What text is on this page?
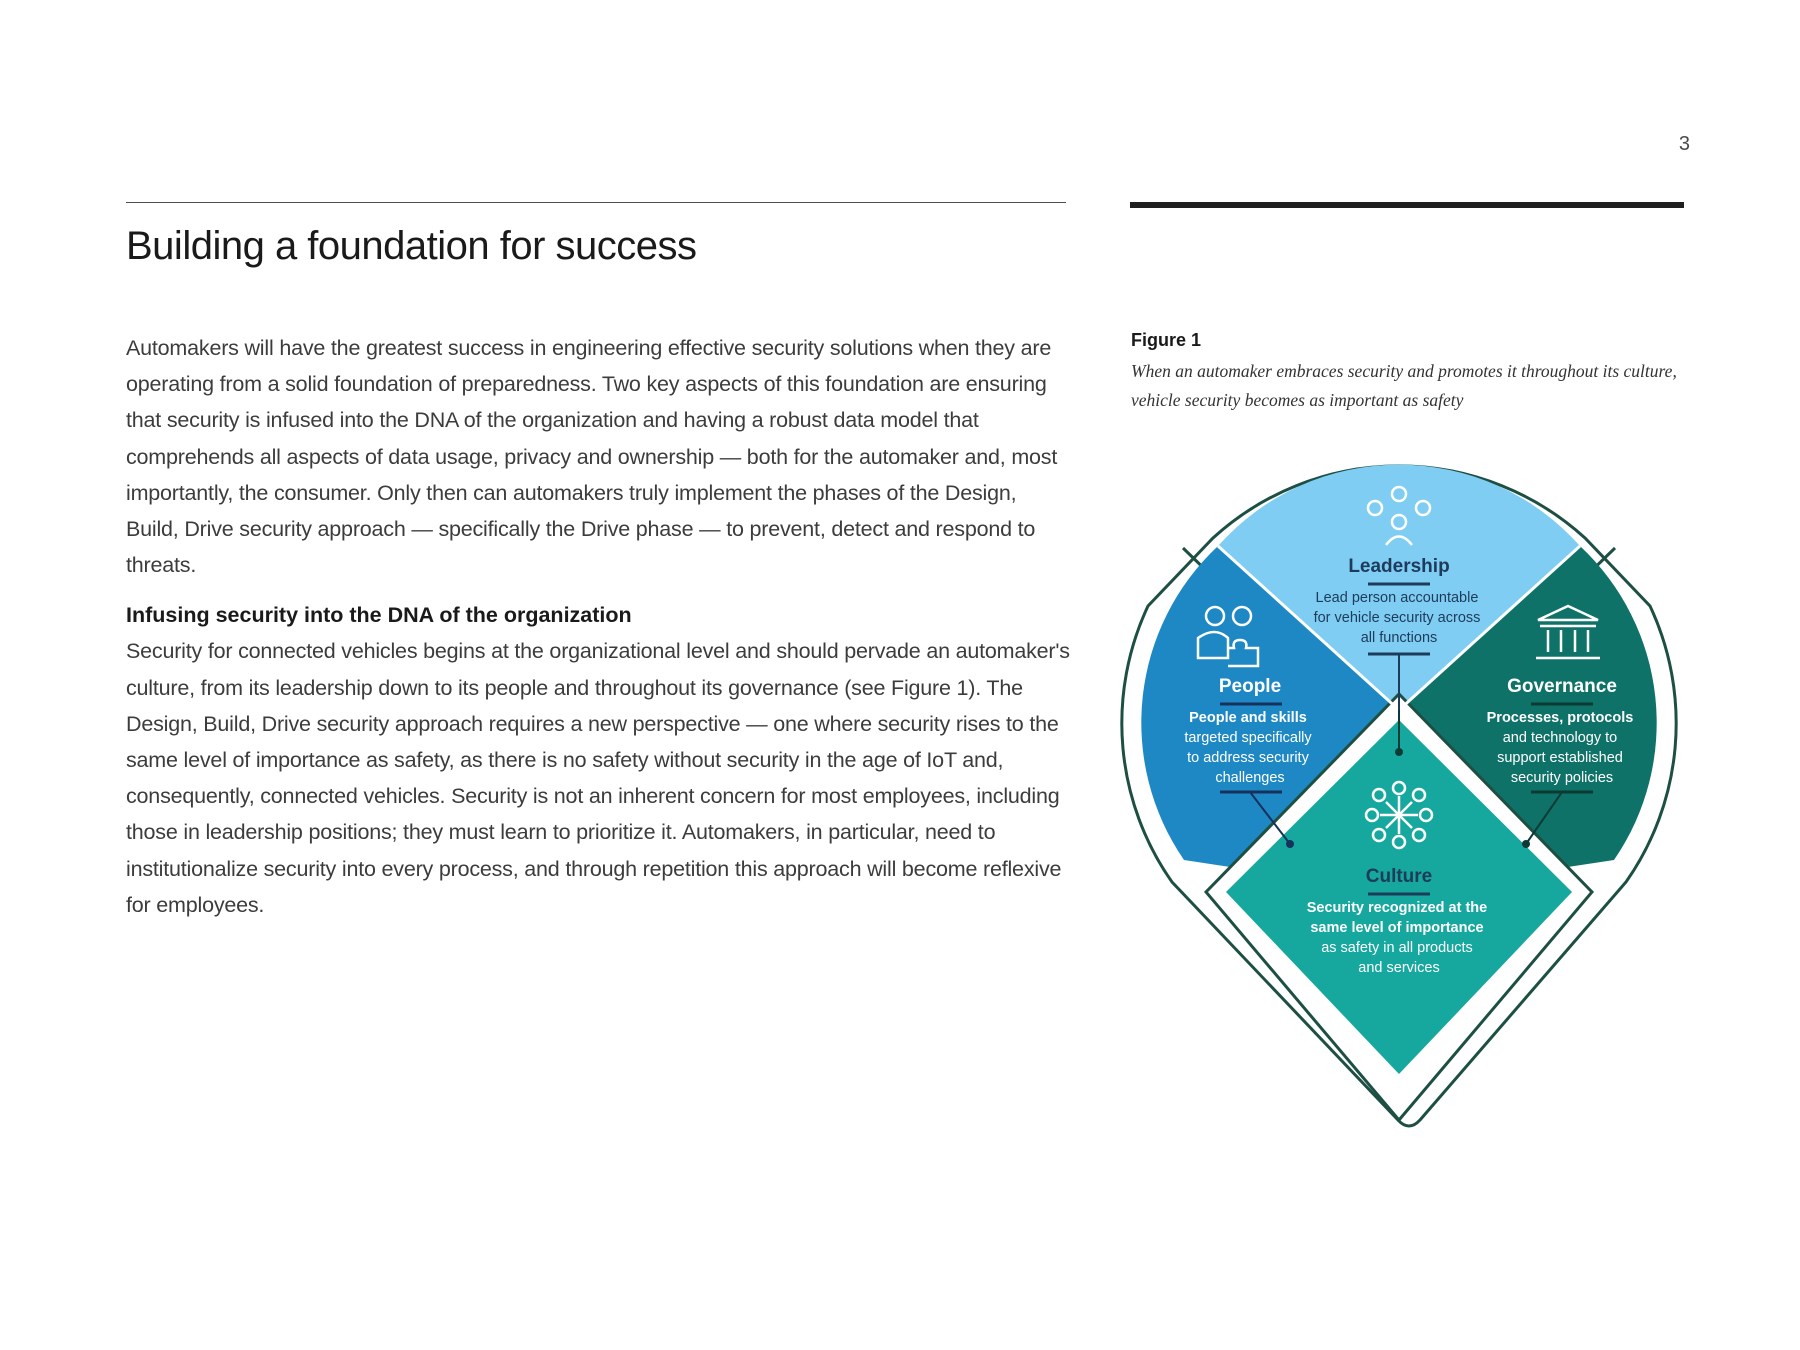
3
Building a foundation for success

Automakers will have the greatest success in engineering effective security solutions when they are operating from a solid foundation of preparedness. Two key aspects of this foundation are ensuring that security is infused into the DNA of the organization and having a robust data model that comprehends all aspects of data usage, privacy and ownership — both for the automaker and, most importantly, the consumer. Only then can automakers truly implement the phases of the Design, Build, Drive security approach — specifically the Drive phase — to prevent, detect and respond to threats.

Infusing security into the DNA of the organization

Security for connected vehicles begins at the organizational level and should pervade an automaker's culture, from its leadership down to its people and throughout its governance (see Figure 1). The Design, Build, Drive security approach requires a new perspective — one where security rises to the same level of importance as safety, as there is no safety without security in the age of IoT and, consequently, connected vehicles. Security is not an inherent concern for most employees, including those in leadership positions; they must learn to prioritize it. Automakers, in particular, need to institutionalize security into every process, and through repetition this approach will become reflexive for employees.

Figure 1

When an automaker embraces security and promotes it throughout its culture, vehicle security becomes as important as safety

Leadership
Lead person accountable for vehicle security across all functions
People
People and skills targeted specifically to address security challenges
Governance
Processes, protocols and technology to support established security policies
Culture
Security recognized at the same level of importance as safety in all products and services
